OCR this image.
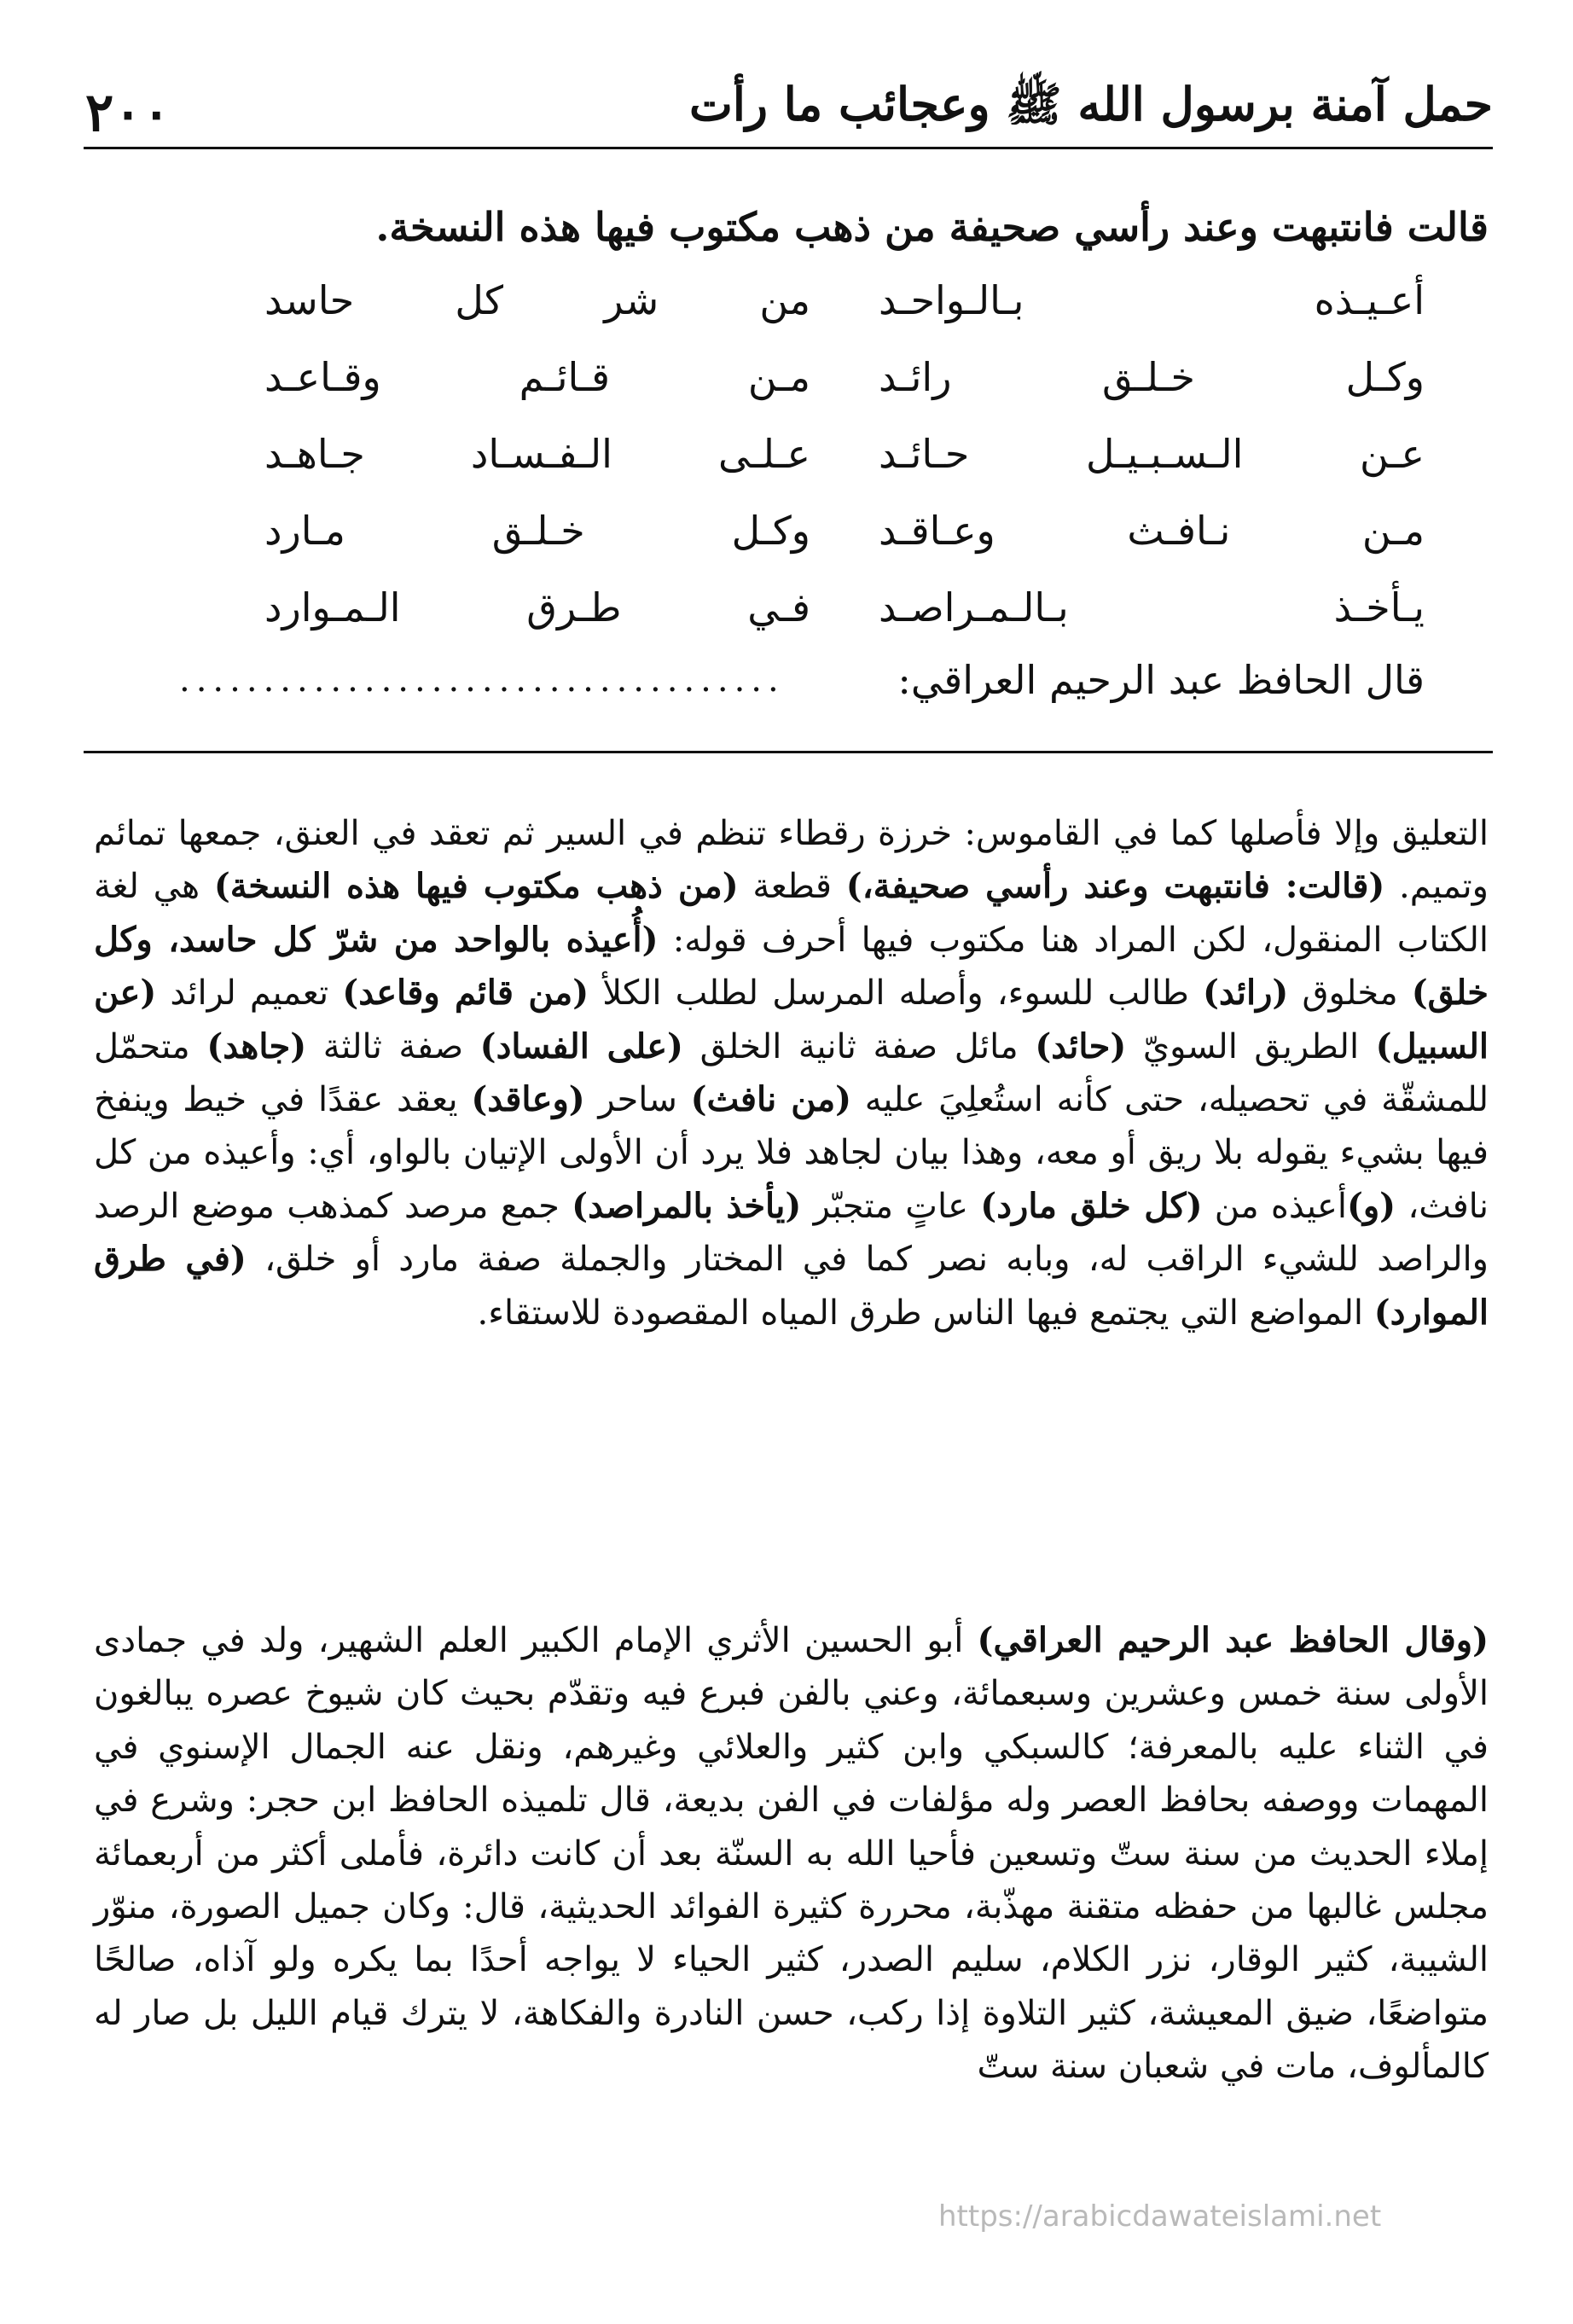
حمل آمنة برسول الله ﷺ وعجائب ما رأت
٢٠٠

قالت فانتبهت وعند رأسي صحيفة من ذهب مكتوب فيها هذه النسخة.

أعـيـذه بـالـواحـد
من شر كل حاسد
وكـل خـلـق رائـد
مـن قـائـم وقـاعـد
عـن الـسـبـيـل حـائـد
عـلـى الـفـسـاد جـاهـد
مـن نـافـث وعـاقـد
وكـل خـلـق مـارد
يـأخـذ بـالـمـراصـد
فـي طـرق الـمـوارد
قال الحافظ عبد الرحيم العراقي:
....................................

التعليق وإلا فأصلها كما في القاموس: خرزة رقطاء تنظم في السير ثم تعقد في العنق، جمعها تمائم وتميم. (قالت: فانتبهت وعند رأسي صحيفة،) قطعة (من ذهب مكتوب فيها هذه النسخة) هي لغة الكتاب المنقول، لكن المراد هنا مكتوب فيها أحرف قوله: (أُعيذه بالواحد من شرّ كل حاسد، وكل خلق) مخلوق (رائد) طالب للسوء، وأصله المرسل لطلب الكلأ (من قائم وقاعد) تعميم لرائد (عن السبيل) الطريق السويّ (حائد) مائل صفة ثانية الخلق (على الفساد) صفة ثالثة (جاهد) متحمّل للمشقّة في تحصيله، حتى كأنه استُعلِيَ عليه (من نافث) ساحر (وعاقد) يعقد عقدًا في خيط وينفخ فيها بشيء يقوله بلا ريق أو معه، وهذا بيان لجاهد فلا يرد أن الأولى الإتيان بالواو، أي: وأعيذه من كل نافث، (و)أعيذه من (كل خلق مارد) عاتٍ متجبّر (يأخذ بالمراصد) جمع مرصد كمذهب موضع الرصد والراصد للشيء الراقب له، وبابه نصر كما في المختار والجملة صفة مارد أو خلق، (في طرق الموارد) المواضع التي يجتمع فيها الناس طرق المياه المقصودة للاستقاء.

(وقال الحافظ عبد الرحيم العراقي) أبو الحسين الأثري الإمام الكبير العلم الشهير، ولد في جمادى الأولى سنة خمس وعشرين وسبعمائة، وعني بالفن فبرع فيه وتقدّم بحيث كان شيوخ عصره يبالغون في الثناء عليه بالمعرفة؛ كالسبكي وابن كثير والعلائي وغيرهم، ونقل عنه الجمال الإسنوي في المهمات ووصفه بحافظ العصر وله مؤلفات في الفن بديعة، قال تلميذه الحافظ ابن حجر: وشرع في إملاء الحديث من سنة ستّ وتسعين فأحيا الله به السنّة بعد أن كانت دائرة، فأملى أكثر من أربعمائة مجلس غالبها من حفظه متقنة مهذّبة، محررة كثيرة الفوائد الحديثية، قال: وكان جميل الصورة، منوّر الشيبة، كثير الوقار، نزر الكلام، سليم الصدر، كثير الحياء لا يواجه أحدًا بما يكره ولو آذاه، صالحًا متواضعًا، ضيق المعيشة، كثير التلاوة إذا ركب، حسن النادرة والفكاهة، لا يترك قيام الليل بل صار له كالمألوف، مات في شعبان سنة ستّ

https://arabicdawateislami.net
